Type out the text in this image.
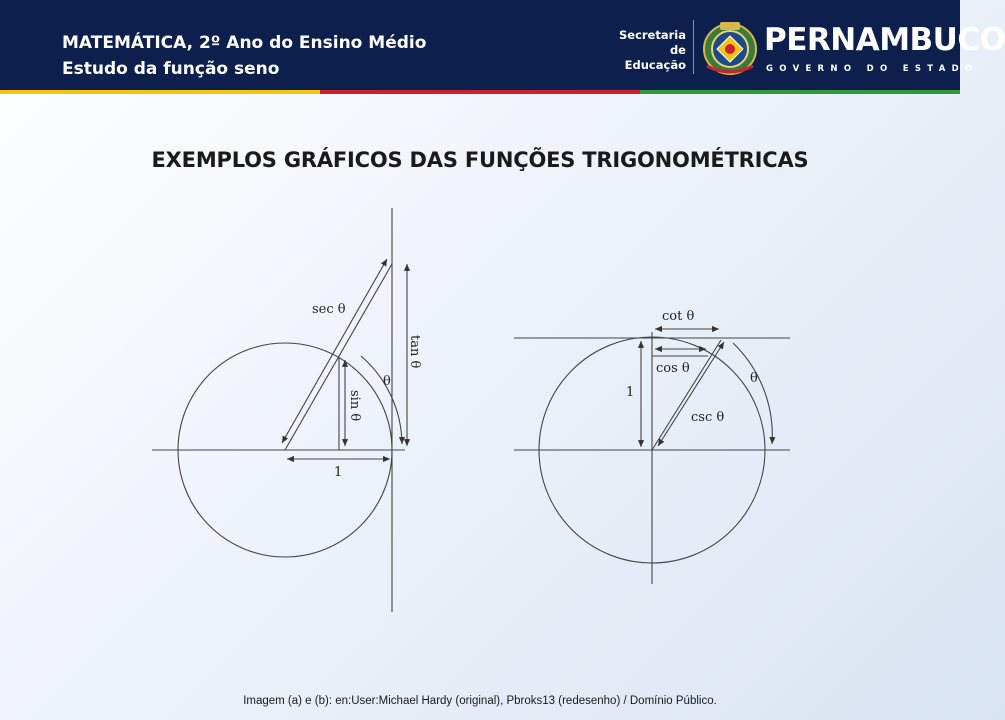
MATEMÁTICA, 2º Ano do Ensino Médio
Estudo da função seno
Secretaria de
Educação
PERNAMBUCO
GOVERNO DO ESTADO
EXEMPLOS GRÁFICOS DAS FUNÇÕES TRIGONOMÉTRICAS
sec θ
tan θ
θ
sin θ
1
cot θ
cos θ
θ
1
csc θ
Imagem (a) e (b): en:User:Michael Hardy (original), Pbroks13 (redesenho) / Domínio Público.
